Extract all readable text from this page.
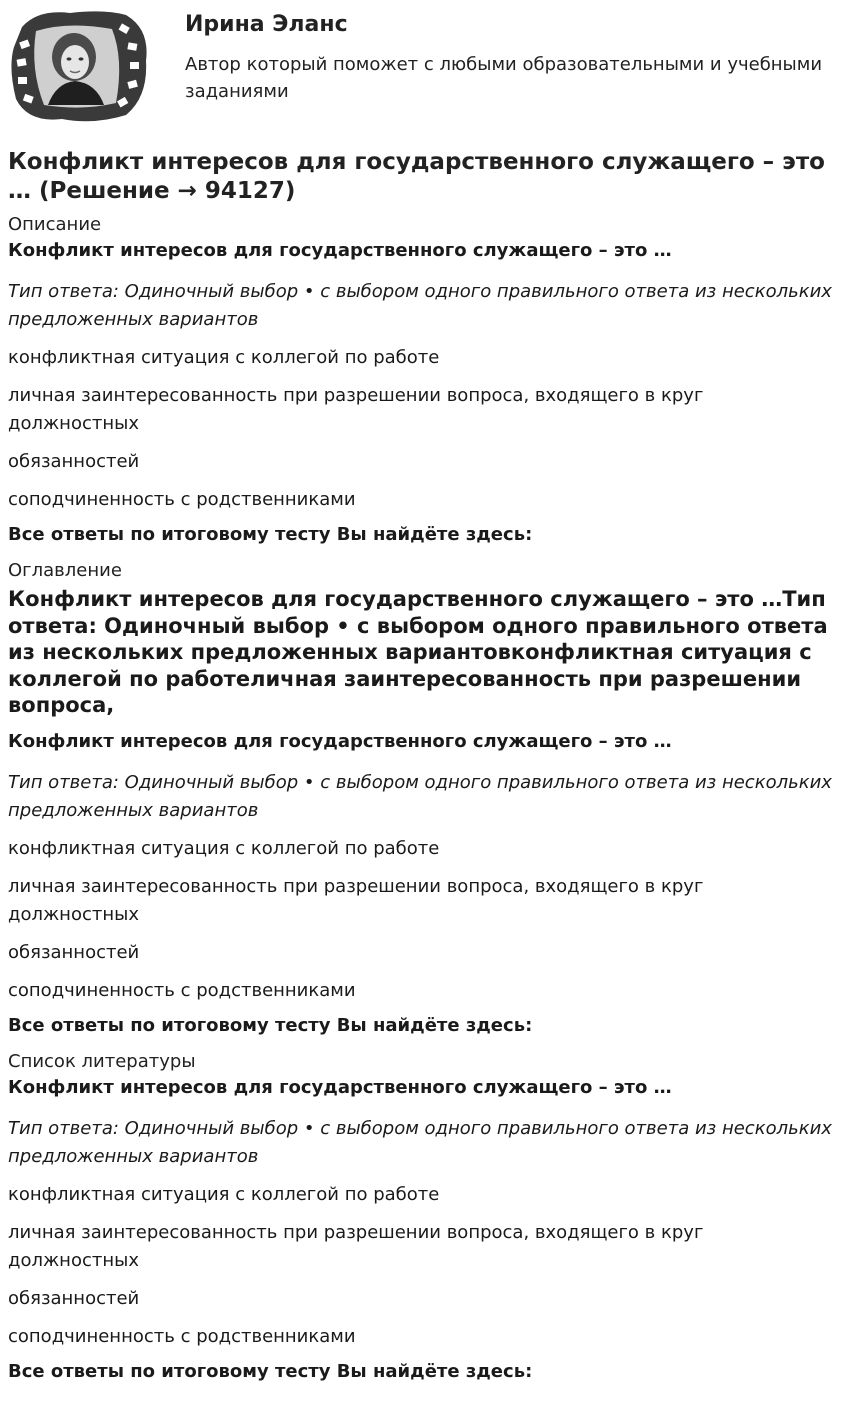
Ирина Эланс
Автор который поможет с любыми образовательными и учебными заданиями
Конфликт интересов для государственного служащего – это … (Решение → 94127)
Описание

Конфликт интересов для государственного служащего – это …

Тип ответа: Одиночный выбор • с выбором одного правильного ответа из нескольких предложенных вариантов

конфликтная ситуация с коллегой по работе

личная заинтересованность при разрешении вопроса, входящего в круг должностных

обязанностей

соподчиненность с родственниками

Все ответы по итоговому тесту Вы найдёте здесь:

Оглавление
Конфликт интересов для государственного служащего – это …Тип ответа: Одиночный выбор • с выбором одного правильного ответа из нескольких предложенных вариантовконфликтная ситуация с коллегой по работеличная заинтересованность при разрешении вопроса,

Конфликт интересов для государственного служащего – это …

Тип ответа: Одиночный выбор • с выбором одного правильного ответа из нескольких предложенных вариантов

конфликтная ситуация с коллегой по работе

личная заинтересованность при разрешении вопроса, входящего в круг должностных

обязанностей

соподчиненность с родственниками

Все ответы по итоговому тесту Вы найдёте здесь:

Список литературы

Конфликт интересов для государственного служащего – это …

Тип ответа: Одиночный выбор • с выбором одного правильного ответа из нескольких предложенных вариантов

конфликтная ситуация с коллегой по работе

личная заинтересованность при разрешении вопроса, входящего в круг должностных

обязанностей

соподчиненность с родственниками

Все ответы по итоговому тесту Вы найдёте здесь:
